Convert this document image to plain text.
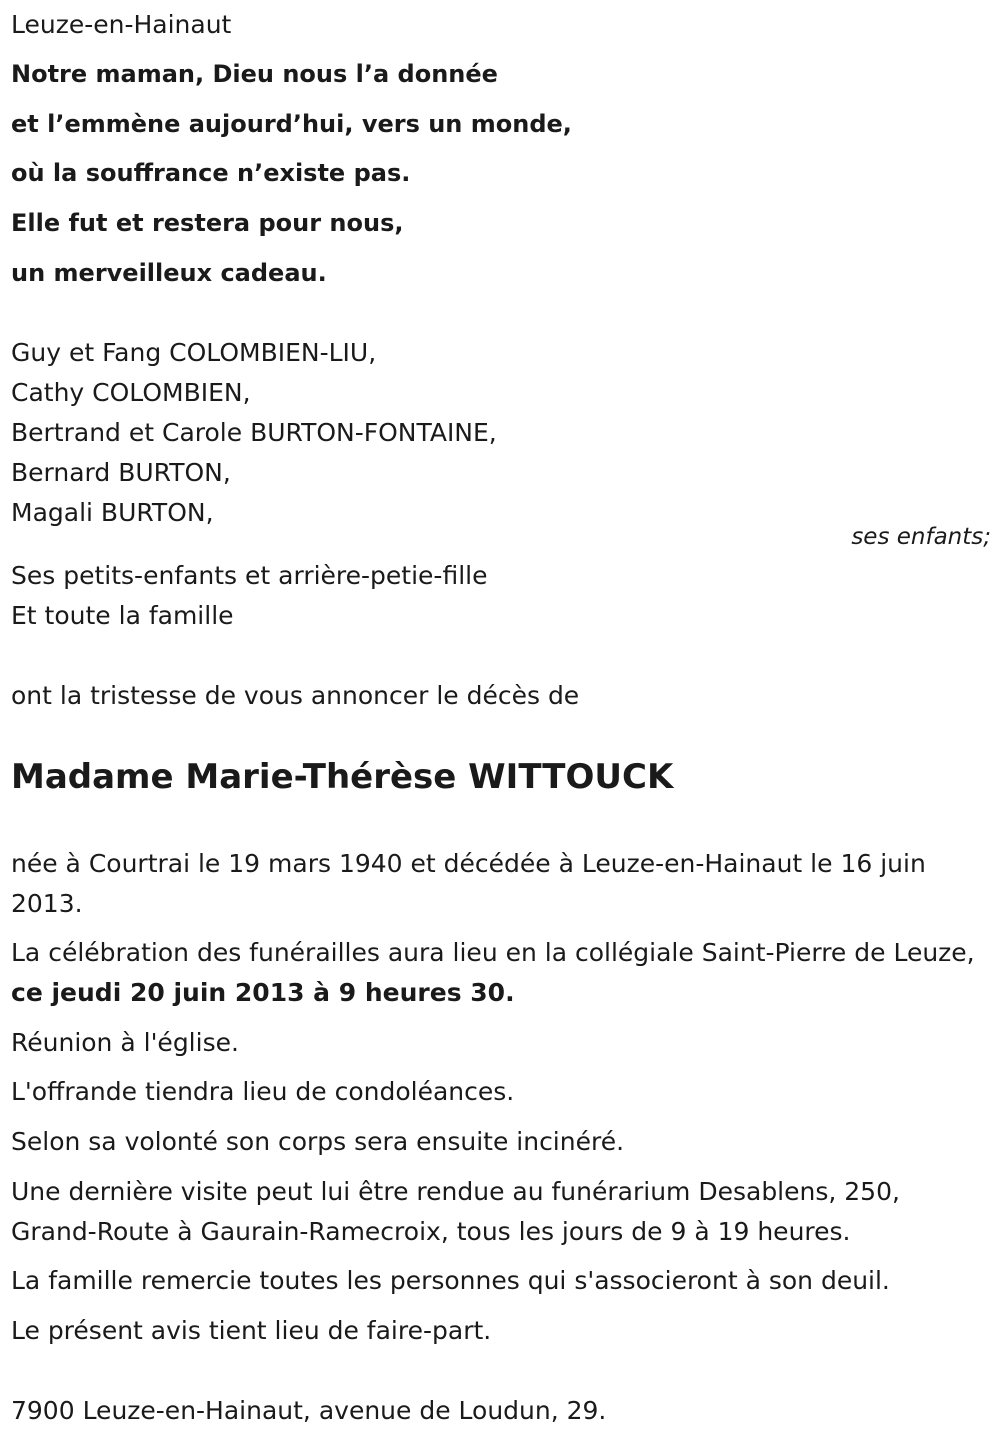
Leuze-en-Hainaut
Notre maman, Dieu nous l’a donnée
et l’emmène aujourd’hui, vers un monde,
où la souffrance n’existe pas.
Elle fut et restera pour nous,
un merveilleux cadeau.
Guy et Fang COLOMBIEN-LIU,
Cathy COLOMBIEN,
Bertrand et Carole BURTON-FONTAINE,
Bernard BURTON,
Magali BURTON,
ses enfants;
Ses petits-enfants et arrière-petie-fille
Et toute la famille
ont la tristesse de vous annoncer le décès de
Madame Marie-Thérèse WITTOUCK
née à Courtrai le 19 mars 1940 et décédée à Leuze-en-Hainaut le 16 juin 2013.
La célébration des funérailles aura lieu en la collégiale Saint-Pierre de Leuze, ce jeudi 20 juin 2013 à 9 heures 30.
Réunion à l'église.
L'offrande tiendra lieu de condoléances.
Selon sa volonté son corps sera ensuite incinéré.
Une dernière visite peut lui être rendue au funérarium Desablens, 250, Grand-Route à Gaurain-Ramecroix, tous les jours de 9 à 19 heures.
La famille remercie toutes les personnes qui s'associeront à son deuil.
Le présent avis tient lieu de faire-part.
7900 Leuze-en-Hainaut, avenue de Loudun, 29.
